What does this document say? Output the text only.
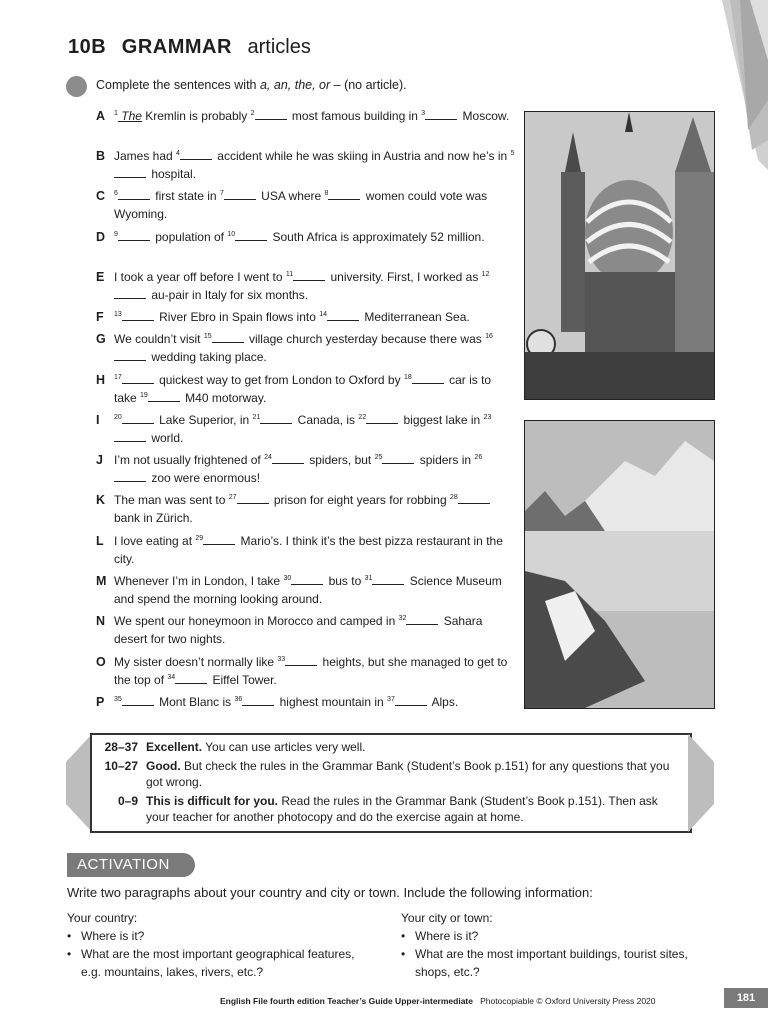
10B GRAMMAR articles
Complete the sentences with a, an, the, or – (no article).
A $^1$ The Kremlin is probably $^2$	most famous building in $^3$	Moscow.
B James had $^4$	accident while he was skiing in Austria and now he’s in $^5$ hospital.
C $^6$	first state in $^7$	USA where $^8$	women could vote was Wyoming.
D $^9$	population of $^{10}$	South Africa is approximately 52 million.
E I took a year off before I went to $^{11}$	university. First, I worked as $^{12}$ au-pair in Italy for six months.
F $^{13}$	River Ebro in Spain flows into $^{14}$	Mediterranean Sea.
G We couldn’t visit $^{15}$	village church yesterday because there was $^{16}$ wedding taking place.
H $^{17}$	quickest way to get from London to Oxford by $^{18}$	car is to take $^{19}$	M40 motorway.
I $^{20}$	Lake Superior, in $^{21}$	Canada, is $^{22}$	biggest lake in $^{23}$ world.
J I’m not usually frightened of $^{24}$	spiders, but $^{25}$	spiders in $^{26}$ zoo were enormous!
K The man was sent to $^{27}$	prison for eight years for robbing $^{28}$ bank in Zürich.
L I love eating at $^{29}$	Mario’s. I think it’s the best pizza restaurant in the city.
M Whenever I’m in London, I take $^{30}$	bus to $^{31}$	Science Museum and spend the morning looking around.
N We spent our honeymoon in Morocco and camped in $^{32}$	Sahara desert for two nights.
O My sister doesn’t normally like $^{33}$	heights, but she managed to get to the top of $^{34}$	Eiffel Tower.
P $^{35}$	Mont Blanc is $^{36}$	highest mountain in $^{37}$	Alps.
28–37 Excellent. You can use articles very well.
10–27 Good. But check the rules in the Grammar Bank (Student’s Book p.151) for any questions that you got wrong.
0–9 This is difficult for you. Read the rules in the Grammar Bank (Student’s Book p.151). Then ask your teacher for another photocopy and do the exercise again at home.
ACTIVATION
Write two paragraphs about your country and city or town. Include the following information:
Your country:
• Where is it?
• What are the most important geographical features, e.g. mountains, lakes, rivers, etc.?
Your city or town:
• Where is it?
• What are the most important buildings, tourist sites, shops, etc.?
English File fourth edition Teacher’s Guide Upper-intermediate Photocopiable © Oxford University Press 2020	181
